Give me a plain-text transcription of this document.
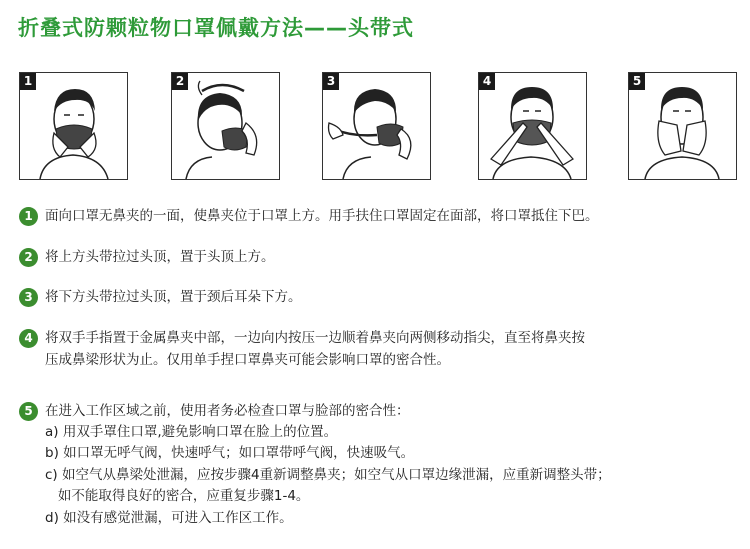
折叠式防颗粒物口罩佩戴方法——头带式
1	2	3	4	5
1 面向口罩无鼻夹的一面，使鼻夹位于口罩上方。用手扶住口罩固定在面部，将口罩抵住下巴。
2 将上方头带拉过头顶，置于头顶上方。
3 将下方头带拉过头顶，置于颈后耳朵下方。
4 将双手手指置于金属鼻夹中部，一边向内按压一边顺着鼻夹向两侧移动指尖，直至将鼻夹按
压成鼻梁形状为止。仅用单手捏口罩鼻夹可能会影响口罩的密合性。
5 在进入工作区域之前，使用者务必检查口罩与脸部的密合性：
a) 用双手罩住口罩,避免影响口罩在脸上的位置。
b) 如口罩无呼气阀，快速呼气；如口罩带呼气阀，快速吸气。
c) 如空气从鼻梁处泄漏，应按步骤4重新调整鼻夹；如空气从口罩边缘泄漏，应重新调整头带；
如不能取得良好的密合，应重复步骤1-4。
d) 如没有感觉泄漏，可进入工作区工作。
